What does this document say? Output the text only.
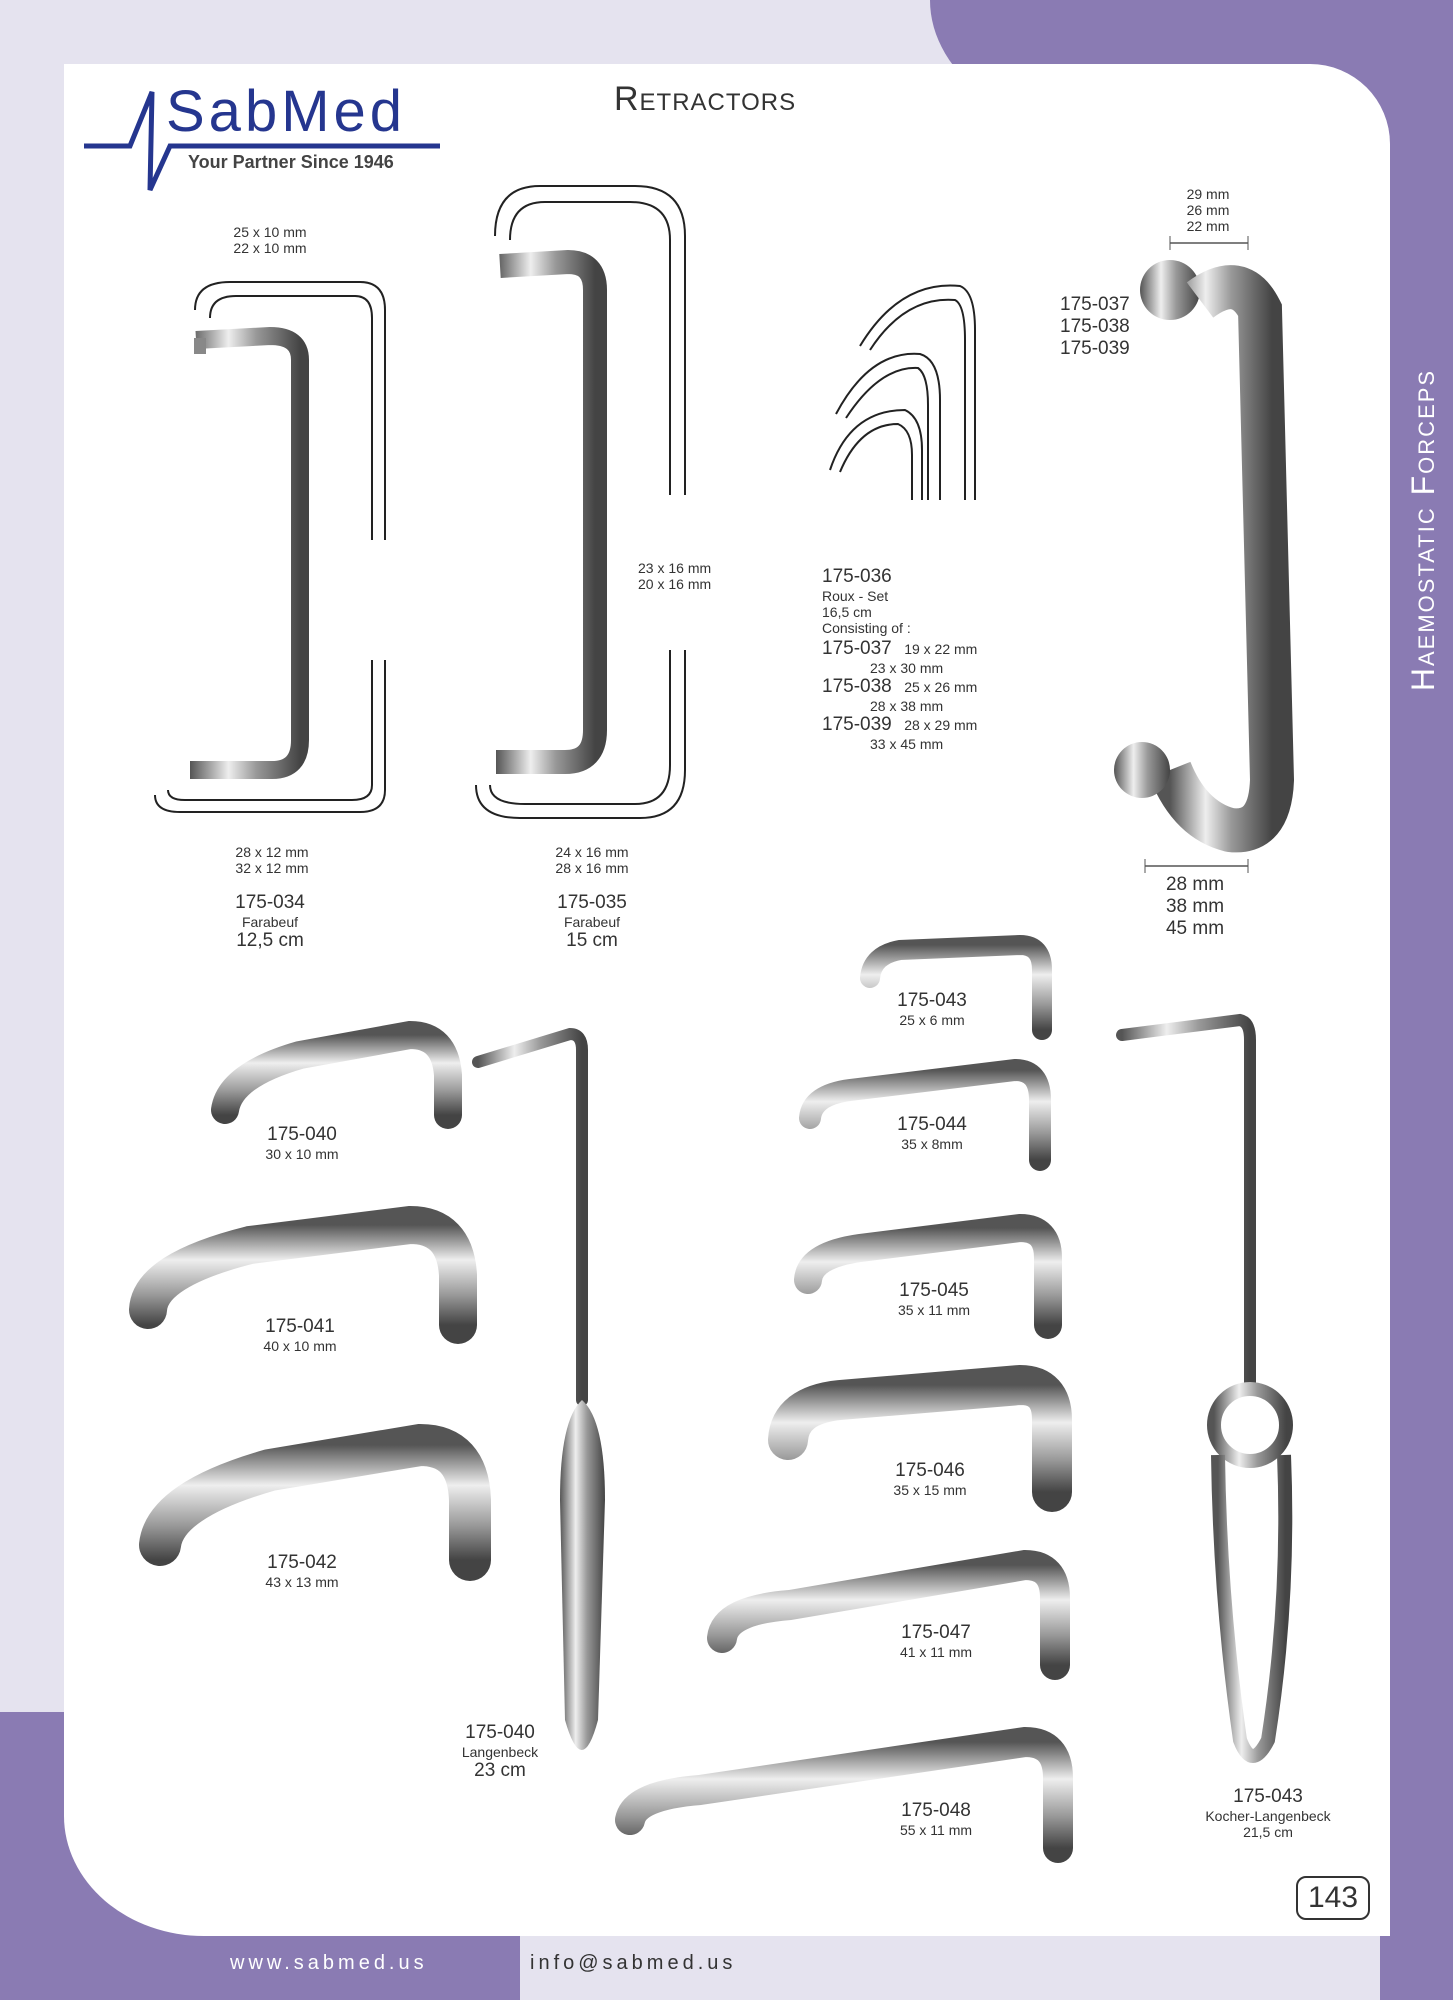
Haemostatic Forceps
SabMed
Your Partner Since 1946
Retractors
25 x 10 mm
22 x 10 mm
28 x 12 mm
32 x 12 mm
175-034
Farabeuf
12,5 cm
23 x 16 mm
20 x 16 mm
24 x 16 mm
28 x 16 mm
175-035
Farabeuf
15 cm
175-036
Roux - Set
16,5 cm
Consisting of :
175-037 19 x 22 mm
23 x 30 mm
175-038 25 x 26 mm
28 x 38 mm
175-039 28 x 29 mm
33 x 45 mm
29 mm
26 mm
22 mm
175-037
175-038
175-039
28 mm
38 mm
45 mm
175-040
30 x 10 mm
175-041
40 x 10 mm
175-042
43 x 13 mm
175-040
Langenbeck
23 cm
175-043
25 x 6 mm
175-044
35 x 8mm
175-045
35 x 11 mm
175-046
35 x 15 mm
175-047
41 x 11 mm
175-048
55 x 11 mm
175-043
Kocher-Langenbeck
21,5 cm
143
www.sabmed.us	info@sabmed.us
